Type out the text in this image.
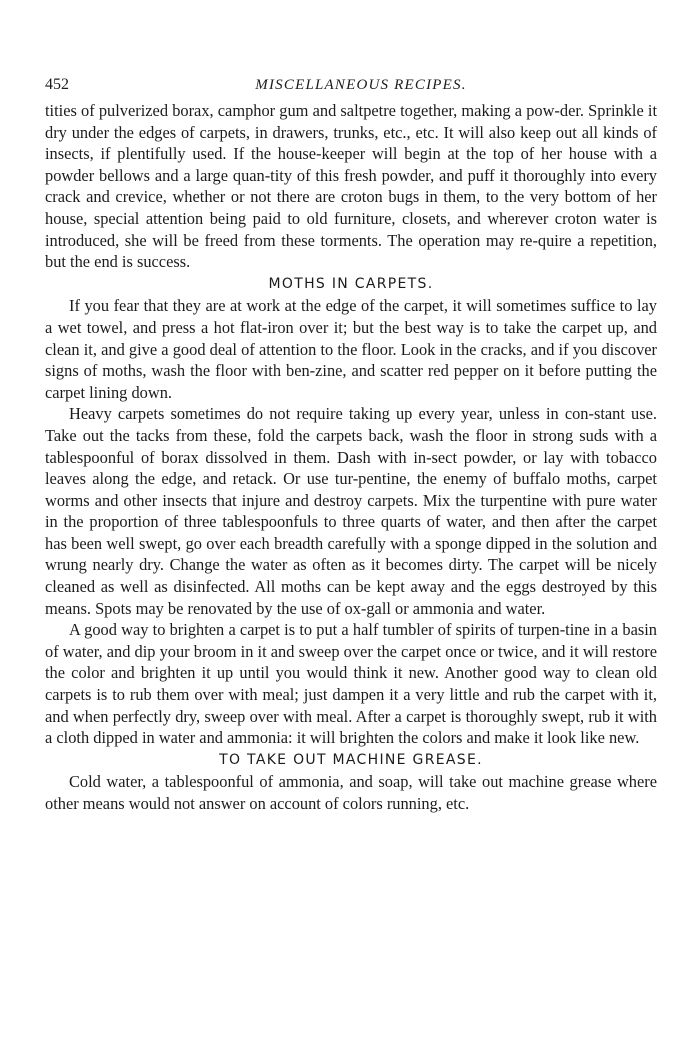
452	MISCELLANEOUS RECIPES.

tities of pulverized borax, camphor gum and saltpetre together, making a pow-der. Sprinkle it dry under the edges of carpets, in drawers, trunks, etc., etc. It will also keep out all kinds of insects, if plentifully used. If the house-keeper will begin at the top of her house with a powder bellows and a large quan-tity of this fresh powder, and puff it thoroughly into every crack and crevice, whether or not there are croton bugs in them, to the very bottom of her house, special attention being paid to old furniture, closets, and wherever croton water is introduced, she will be freed from these torments. The operation may re-quire a repetition, but the end is success.

MOTHS IN CARPETS.

If you fear that they are at work at the edge of the carpet, it will sometimes suffice to lay a wet towel, and press a hot flat-iron over it; but the best way is to take the carpet up, and clean it, and give a good deal of attention to the floor. Look in the cracks, and if you discover signs of moths, wash the floor with ben-zine, and scatter red pepper on it before putting the carpet lining down.

Heavy carpets sometimes do not require taking up every year, unless in con-stant use. Take out the tacks from these, fold the carpets back, wash the floor in strong suds with a tablespoonful of borax dissolved in them. Dash with in-sect powder, or lay with tobacco leaves along the edge, and retack. Or use tur-pentine, the enemy of buffalo moths, carpet worms and other insects that injure and destroy carpets. Mix the turpentine with pure water in the proportion of three tablespoonfuls to three quarts of water, and then after the carpet has been well swept, go over each breadth carefully with a sponge dipped in the solution and wrung nearly dry. Change the water as often as it becomes dirty. The carpet will be nicely cleaned as well as disinfected. All moths can be kept away and the eggs destroyed by this means. Spots may be renovated by the use of ox-gall or ammonia and water.

A good way to brighten a carpet is to put a half tumbler of spirits of turpen-tine in a basin of water, and dip your broom in it and sweep over the carpet once or twice, and it will restore the color and brighten it up until you would think it new. Another good way to clean old carpets is to rub them over with meal; just dampen it a very little and rub the carpet with it, and when perfectly dry, sweep over with meal. After a carpet is thoroughly swept, rub it with a cloth dipped in water and ammonia: it will brighten the colors and make it look like new.

TO TAKE OUT MACHINE GREASE.

Cold water, a tablespoonful of ammonia, and soap, will take out machine grease where other means would not answer on account of colors running, etc.
